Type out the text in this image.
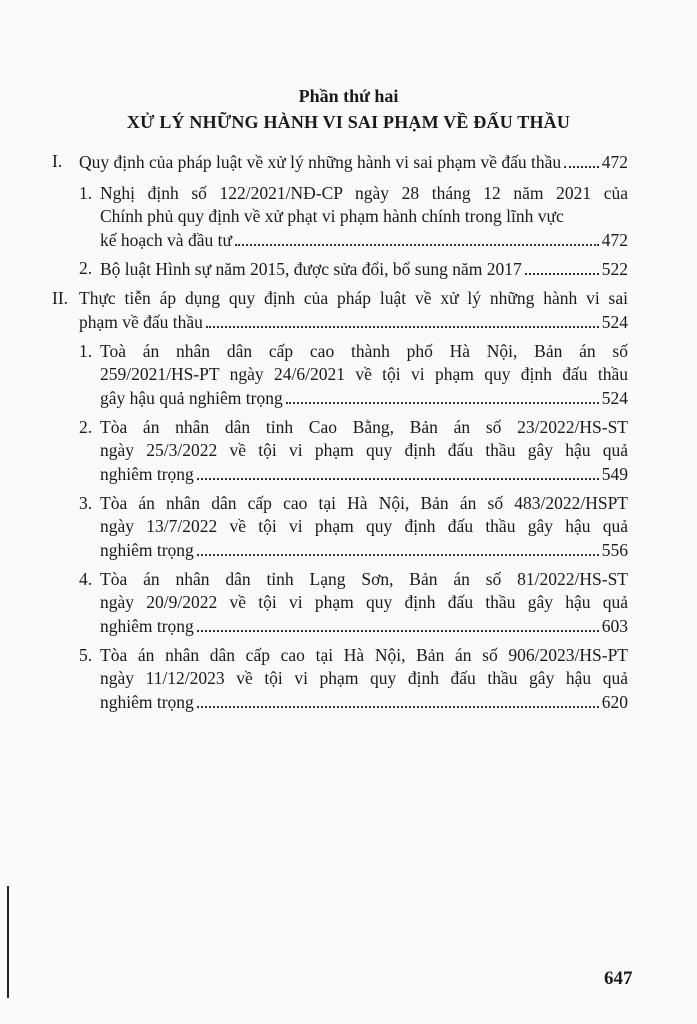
Phần thứ hai
XỬ LÝ NHỮNG HÀNH VI SAI PHẠM VỀ ĐẤU THẦU
I. Quy định của pháp luật về xử lý những hành vi sai phạm về đấu thầu 472
1. Nghị định số 122/2021/NĐ-CP ngày 28 tháng 12 năm 2021 của
Chính phủ quy định về xử phạt vi phạm hành chính trong lĩnh vực
kế hoạch và đầu tư	472
2. Bộ luật Hình sự năm 2015, được sửa đổi, bổ sung năm 2017	522
II. Thực tiễn áp dụng quy định của pháp luật về xử lý những hành vi sai
phạm về đấu thầu	524
1. Toà án nhân dân cấp cao thành phố Hà Nội, Bản án số
259/2021/HS-PT ngày 24/6/2021 về tội vi phạm quy định đấu thầu
gây hậu quả nghiêm trọng	524
2. Tòa án nhân dân tỉnh Cao Bằng, Bản án số 23/2022/HS-ST
ngày 25/3/2022 về tội vi phạm quy định đấu thầu gây hậu quả
nghiêm trọng	549
3. Tòa án nhân dân cấp cao tại Hà Nội, Bản án số 483/2022/HSPT
ngày 13/7/2022 về tội vi phạm quy định đấu thầu gây hậu quả
nghiêm trọng	556
4. Tòa án nhân dân tỉnh Lạng Sơn, Bản án số 81/2022/HS-ST
ngày 20/9/2022 về tội vi phạm quy định đấu thầu gây hậu quả
nghiêm trọng	603
5. Tòa án nhân dân cấp cao tại Hà Nội, Bản án số 906/2023/HS-PT
ngày 11/12/2023 về tội vi phạm quy định đấu thầu gây hậu quả
nghiêm trọng	620
647
